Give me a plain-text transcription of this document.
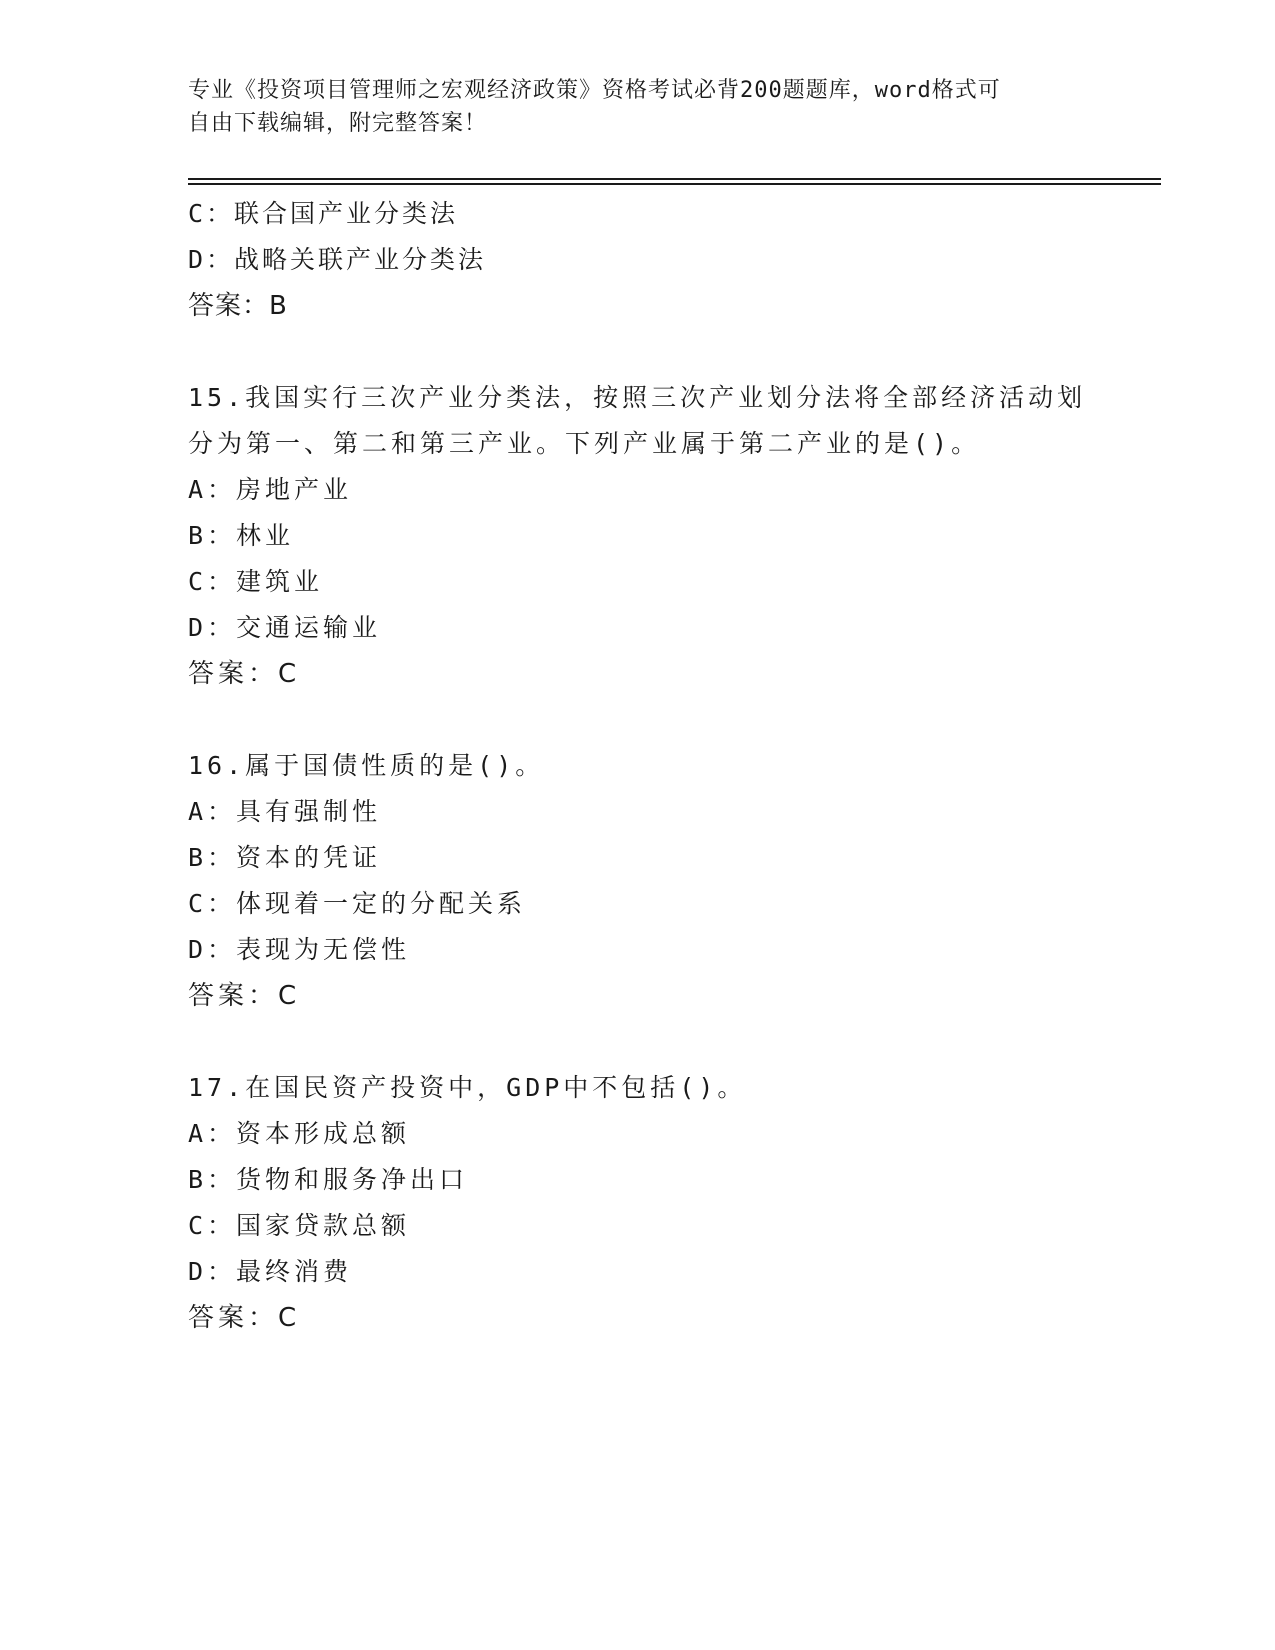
专业《投资项目管理师之宏观经济政策》资格考试必背200题题库，word格式可
自由下载编辑，附完整答案！
C：联合国产业分类法
D：战略关联产业分类法
答案：B
15.我国实行三次产业分类法，按照三次产业划分法将全部经济活动划
分为第一、第二和第三产业。下列产业属于第二产业的是()。
A：房地产业
B：林业
C：建筑业
D：交通运输业
答案：C
16.属于国债性质的是()。
A：具有强制性
B：资本的凭证
C：体现着一定的分配关系
D：表现为无偿性
答案：C
17.在国民资产投资中，GDP中不包括()。
A：资本形成总额
B：货物和服务净出口
C：国家贷款总额
D：最终消费
答案：C
